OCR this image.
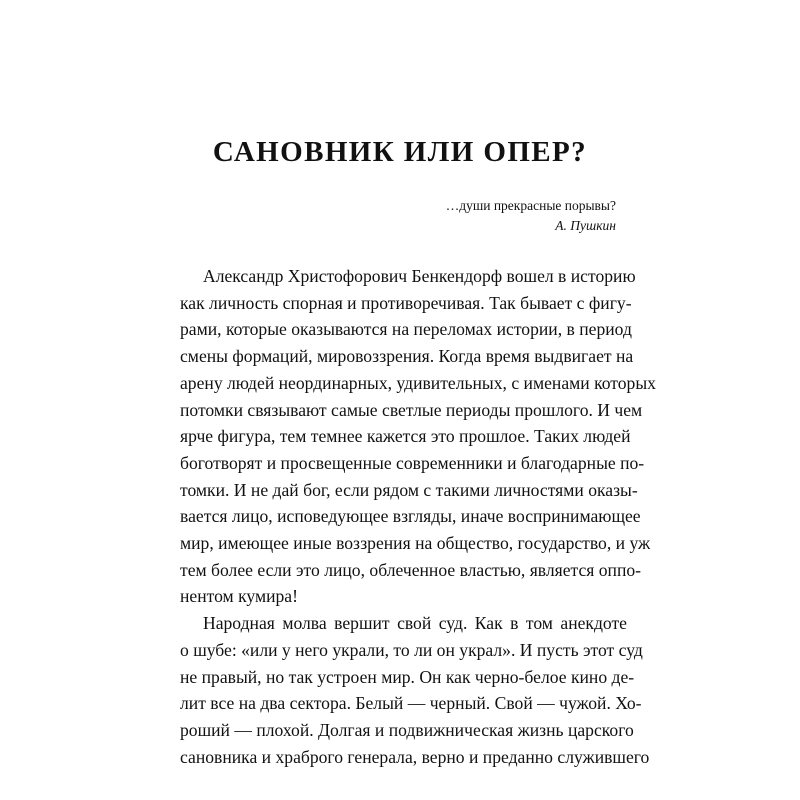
САНОВНИК ИЛИ ОПЕР?
…души прекрасные порывы?
А. Пушкин
Александр Христофорович Бенкендорф вошел в историю
как личность спорная и противоречивая. Так бывает с фигу-
рами, которые оказываются на переломах истории, в период
смены формаций, мировоззрения. Когда время выдвигает на
арену людей неординарных, удивительных, с именами которых
потомки связывают самые светлые периоды прошлого. И чем
ярче фигура, тем темнее кажется это прошлое. Таких людей
боготворят и просвещенные современники и благодарные по-
томки. И не дай бог, если рядом с такими личностями оказы-
вается лицо, исповедующее взгляды, иначе воспринимающее
мир, имеющее иные воззрения на общество, государство, и уж
тем более если это лицо, облеченное властью, является оппо-
нентом кумира!
Народная молва вершит свой суд. Как в том анекдоте
о шубе: «или у него украли, то ли он украл». И пусть этот суд
не правый, но так устроен мир. Он как черно-белое кино де-
лит все на два сектора. Белый — черный. Свой — чужой. Хо-
роший — плохой. Долгая и подвижническая жизнь царского
сановника и храброго генерала, верно и преданно служившего
